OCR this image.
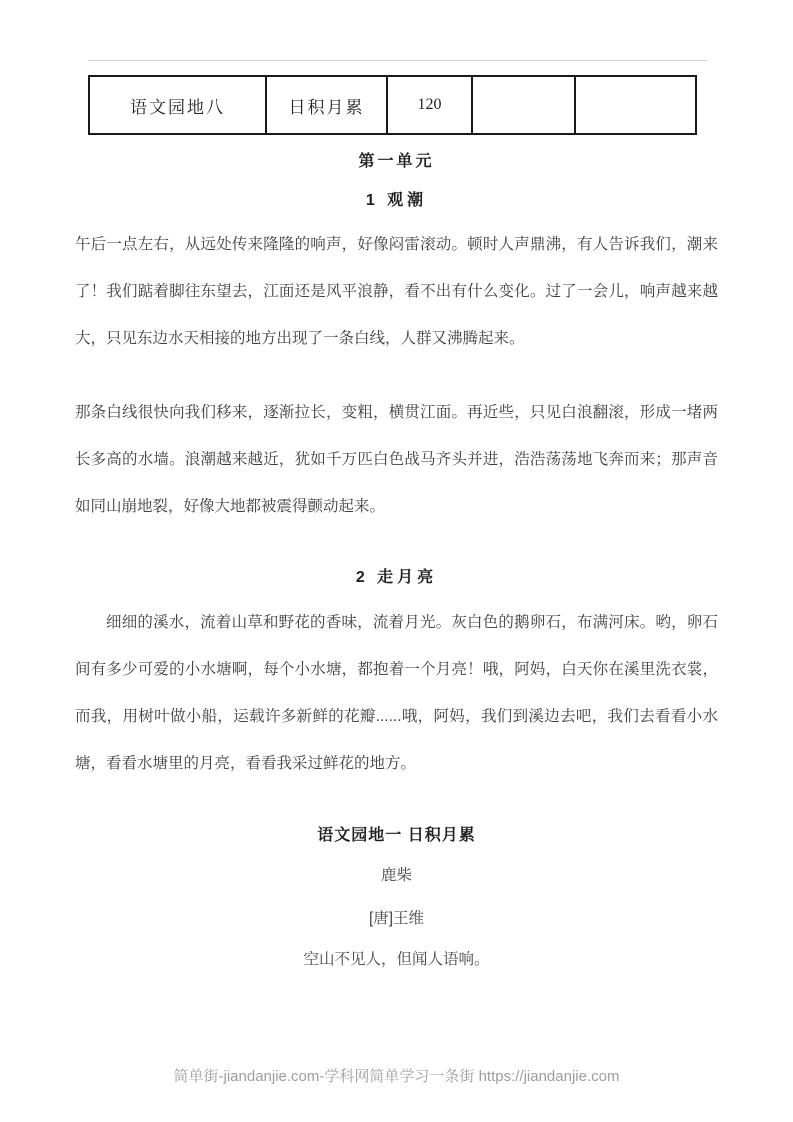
语文园地八	日积月累	120		
第一单元
1 观潮

午后一点左右，从远处传来隆隆的响声，好像闷雷滚动。顿时人声鼎沸，有人告诉我们，潮来了！我们踮着脚往东望去，江面还是风平浪静，看不出有什么变化。过了一会儿，响声越来越大，只见东边水天相接的地方出现了一条白线，人群又沸腾起来。

那条白线很快向我们移来，逐渐拉长，变粗，横贯江面。再近些，只见白浪翻滚，形成一堵两长多高的水墙。浪潮越来越近，犹如千万匹白色战马齐头并进，浩浩荡荡地飞奔而来；那声音如同山崩地裂，好像大地都被震得颤动起来。

2 走月亮

细细的溪水，流着山草和野花的香味，流着月光。灰白色的鹅卵石，布满河床。哟，卵石间有多少可爱的小水塘啊，每个小水塘，都抱着一个月亮！哦，阿妈，白天你在溪里洗衣裳，而我，用树叶做小船，运载许多新鲜的花瓣......哦，阿妈，我们到溪边去吧，我们去看看小水塘，看看水塘里的月亮，看看我采过鲜花的地方。

语文园地一 日积月累
鹿柴
[唐]王维
空山不见人，但闻人语响。
简单街-jiandanjie.com-学科网简单学习一条街 https://jiandanjie.com
